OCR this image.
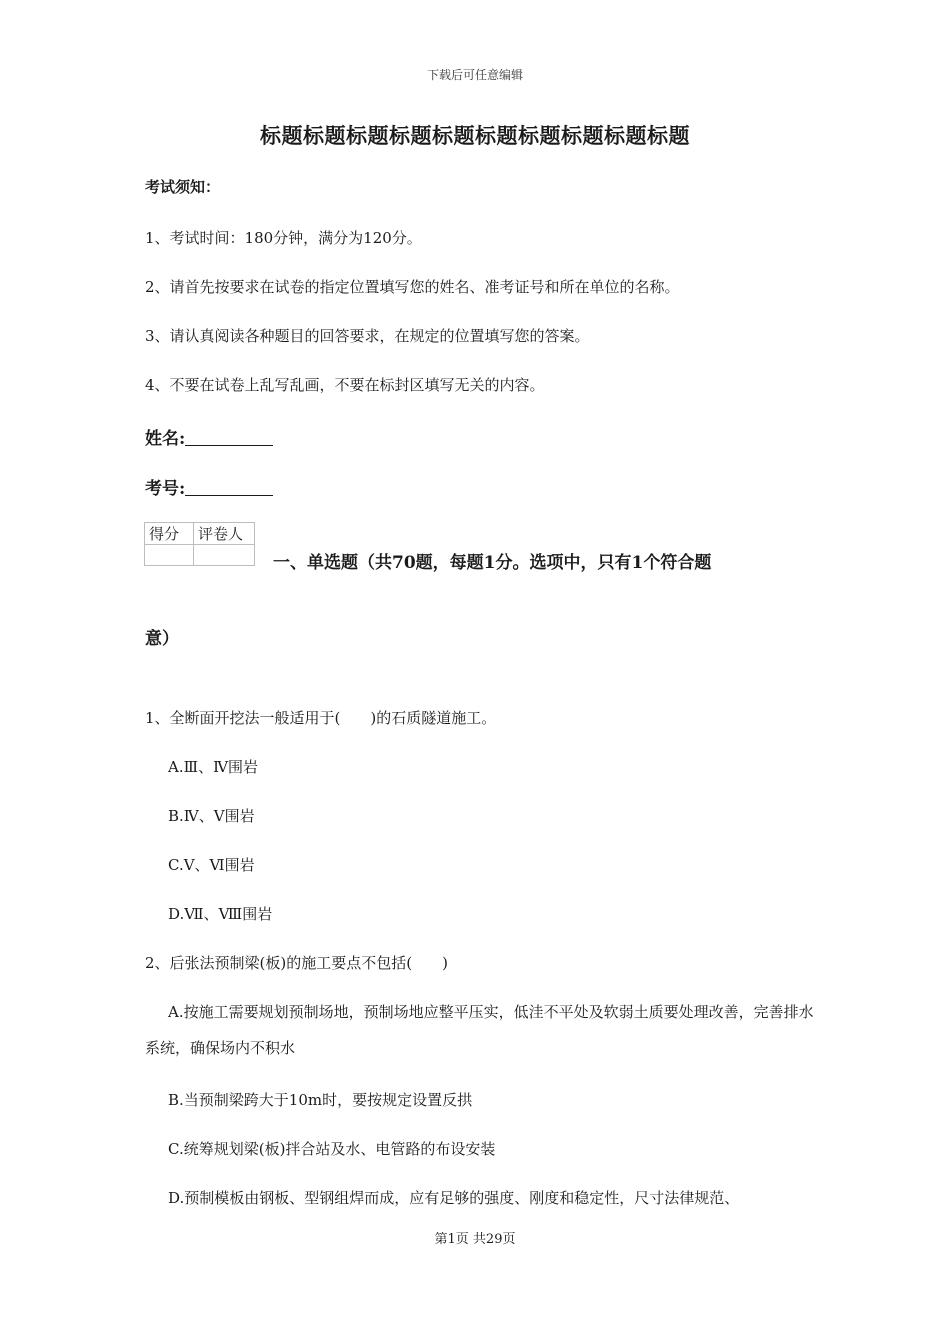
下载后可任意编辑
标题标题标题标题标题标题标题标题标题标题
考试须知：
1、考试时间：180分钟，满分为120分。
2、请首先按要求在试卷的指定位置填写您的姓名、准考证号和所在单位的名称。
3、请认真阅读各种题目的回答要求，在规定的位置填写您的答案。
4、不要在试卷上乱写乱画，不要在标封区填写无关的内容。
姓名:
考号:
得分	评卷人

一、单选题（共70题，每题1分。选项中，只有1个符合题
意）
1、全断面开挖法一般适用于(　　)的石质隧道施工。
A.Ⅲ、Ⅳ围岩
B.Ⅳ、Ⅴ围岩
C.Ⅴ、Ⅵ围岩
D.Ⅶ、Ⅷ围岩
2、后张法预制梁(板)的施工要点不包括(　　)
A.按施工需要规划预制场地，预制场地应整平压实，低洼不平处及软弱土质要处理改善，完善排水系统，确保场内不积水
B.当预制梁跨大于10m时，要按规定设置反拱
C.统筹规划梁(板)拌合站及水、电管路的布设安装
D.预制模板由钢板、型钢组焊而成，应有足够的强度、刚度和稳定性，尺寸法律规范、
第1页 共29页
